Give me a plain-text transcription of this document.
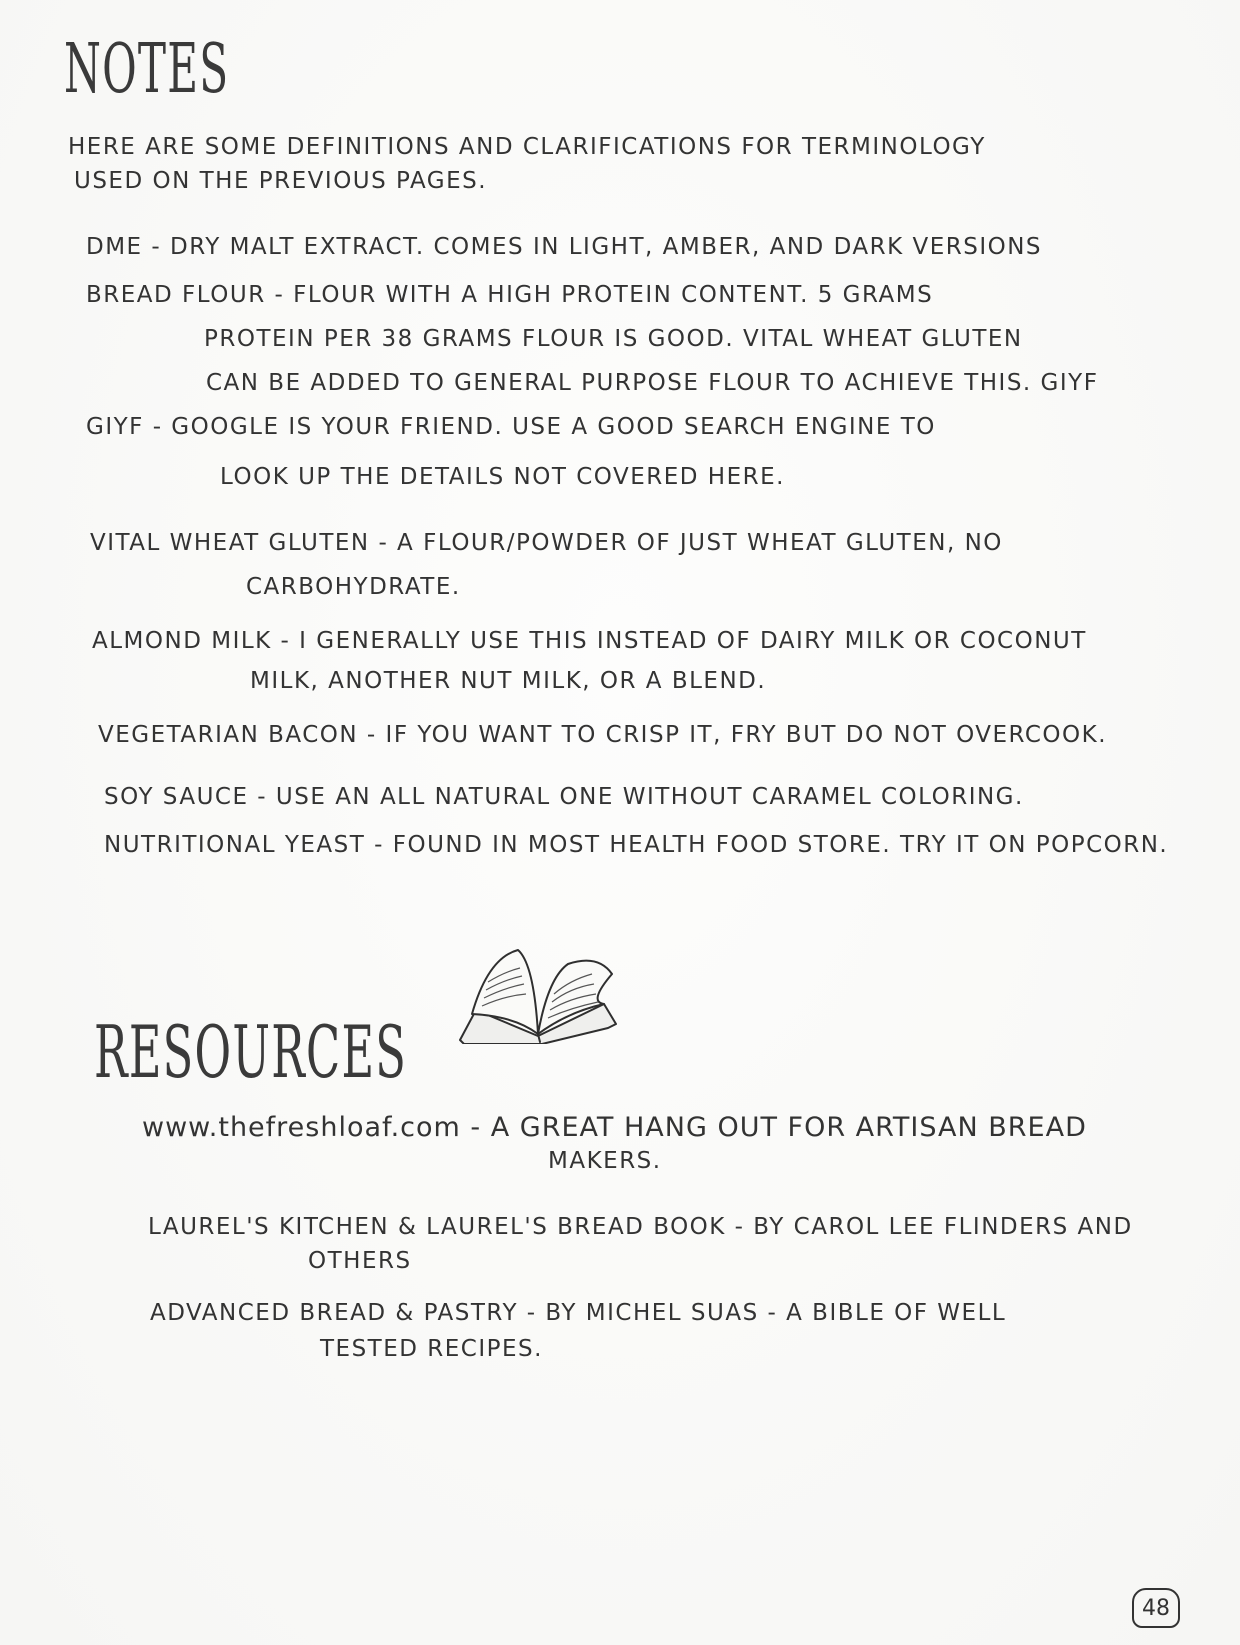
NOTES
HERE ARE SOME DEFINITIONS AND CLARIFICATIONS FOR TERMINOLOGY
USED ON THE PREVIOUS PAGES.
DME - DRY MALT EXTRACT. COMES IN LIGHT, AMBER, AND DARK VERSIONS
BREAD FLOUR - FLOUR WITH A HIGH PROTEIN CONTENT. 5 GRAMS
PROTEIN PER 38 GRAMS FLOUR IS GOOD. VITAL WHEAT GLUTEN
CAN BE ADDED TO GENERAL PURPOSE FLOUR TO ACHIEVE THIS. GIYF
GIYF - GOOGLE IS YOUR FRIEND. USE A GOOD SEARCH ENGINE TO
LOOK UP THE DETAILS NOT COVERED HERE.
VITAL WHEAT GLUTEN - A FLOUR/POWDER OF JUST WHEAT GLUTEN, NO
CARBOHYDRATE.
ALMOND MILK - I GENERALLY USE THIS INSTEAD OF DAIRY MILK OR COCONUT
MILK, ANOTHER NUT MILK, OR A BLEND.
VEGETARIAN BACON - IF YOU WANT TO CRISP IT, FRY BUT DO NOT OVERCOOK.
SOY SAUCE - USE AN ALL NATURAL ONE WITHOUT CARAMEL COLORING.
NUTRITIONAL YEAST - FOUND IN MOST HEALTH FOOD STORE. TRY IT ON POPCORN.
RESOURCES
www.thefreshloaf.com - A GREAT HANG OUT FOR ARTISAN BREAD
MAKERS.
LAUREL'S KITCHEN & LAUREL'S BREAD BOOK - BY CAROL LEE FLINDERS AND
OTHERS
ADVANCED BREAD & PASTRY - BY MICHEL SUAS - A BIBLE OF WELL
TESTED RECIPES.
48
